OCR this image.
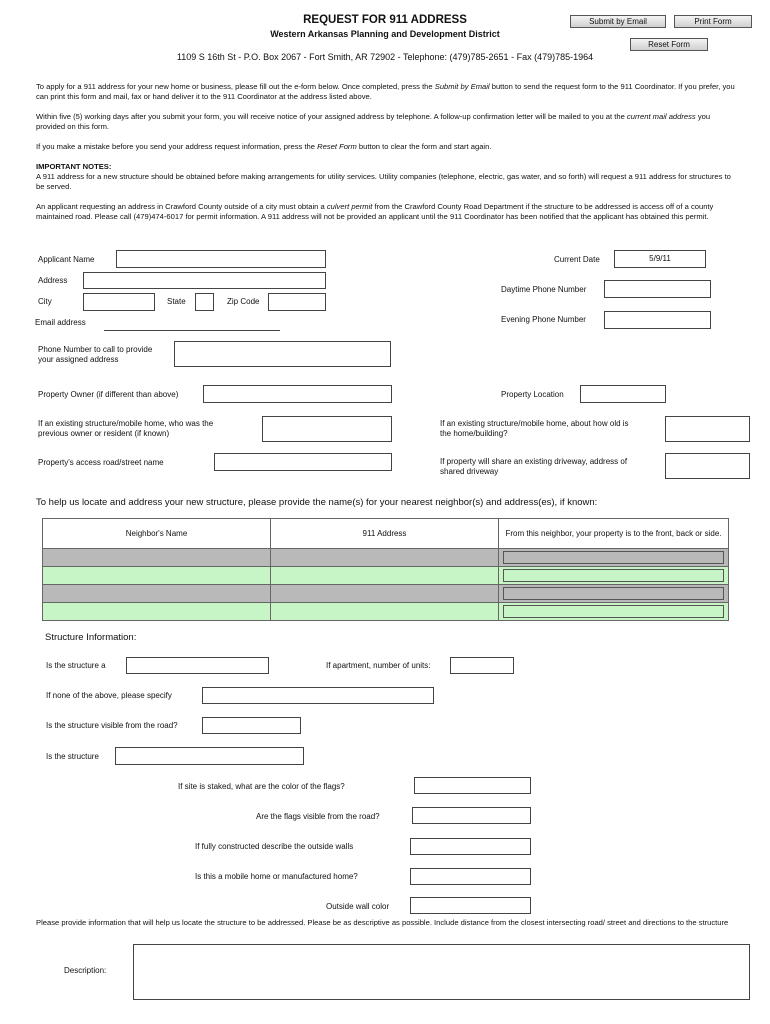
REQUEST FOR 911 ADDRESS
Western Arkansas Planning and Development District
1109 S 16th St - P.O. Box 2067 - Fort Smith, AR 72902 - Telephone: (479)785-2651 - Fax (479)785-1964
Submit by Email	Print Form
Reset Form
To apply for a 911 address for your new home or business, please fill out the e-form below. Once completed, press the Submit by Email button to send the request form to the 911 Coordinator. If you prefer, you can print this form and mail, fax or hand deliver it to the 911 Coordinator at the address listed above.
Within five (5) working days after you submit your form, you will receive notice of your assigned address by telephone. A follow-up confirmation letter will be mailed to you at the current mail address you provided on this form.
If you make a mistake before you send your address request information, press the Reset Form button to clear the form and start again.
IMPORTANT NOTES:
A 911 address for a new structure should be obtained before making arrangements for utility services. Utility companies (telephone, electric, gas water, and so forth) will request a 911 address for structures to be served.
An applicant requesting an address in Crawford County outside of a city must obtain a culvert permit from the Crawford County Road Department if the structure to be addressed is access off of a county maintained road. Please call (479)474-6017 for permit information. A 911 address will not be provided an applicant until the 911 Coordinator has been notified that the applicant has obtained this permit.
Applicant Name
Address
City	State	Zip Code
Email address
Phone Number to call to provide
your assigned address
Current Date	5/9/11
Daytime Phone Number
Evening Phone Number
Property Owner (if different than above)	Property Location
If an existing structure/mobile home, who was the
previous owner or resident (if known)
If an existing structure/mobile home, about how old is
the home/building?
Property's access road/street name	If property will share an existing driveway, address of
shared driveway
To help us locate and address your new structure, please provide the name(s) for your nearest neighbor(s) and address(es), if known:
Neighbor's Name	911 Address	From this neighbor, your property is to the front, back or side.

Structure Information:
Is the structure a	If apartment, number of units:
If none of the above, please specify
Is the structure visible from the road?
Is the structure
If site is staked, what are the color of the flags?
Are the flags visible from the road?
If fully constructed describe the outside walls
Is this a mobile home or manufactured home?
Outside wall color
Please provide information that will help us locate the structure to be addressed. Please be as descriptive as possible. Include distance from the closest intersecting road/ street and directions to the structure
Description:
